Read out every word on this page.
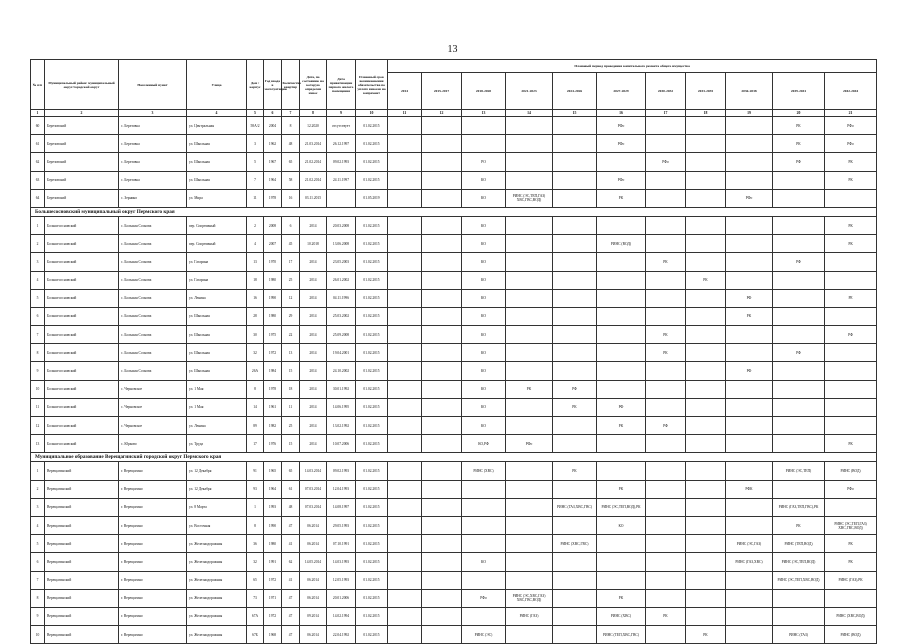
13
№ п/п	Муниципальный район/ муниципальный округ/городской округ	Населенный пункт	Улица	Дом / корпус	Год ввода в эксплуатацию	Количество квартир	Дата, по состоянию на которую определен износ	Дата приватизации первого жилого помещения	Плановый срок возникновения обязательства по уплате взносов на капремонт	Плановый период проведения капитального ремонта общего имущества										
										2014	2015-2017	2018-2020	2021-2023	2024-2026	2027-2029	2030-2032	2033-2035	2036-2038	2039-2041	2042-2044
1	2	3	4	5	6	7	8	9	10	11	12	13	14	15	16	17	18	19	20	21
60	Березовский	с. Березовка	ул. Центральная	58А/2	2004	8	12.2020	отсутствует	01.02.2015						РФо				РК	РФо
61	Березовский	с. Березовка	ул. Школьная	3	1962	48	21.03.2014	26.12.1997	01.02.2015						РФо				РК	РФо
62	Березовский	с. Березовка	ул. Школьная	5	1967	65	21.02.2014	09.02.1993	01.02.2015			РО				РФо			РФ	РК
63	Березовский	с. Березовка	ул. Школьная	7	1964	58	21.02.2014	24.11.1997	01.02.2015			КО			РФо					РК
64	Березовский	с. Зернино	ул. Мира	11	1978	16	03.11.2015		01.05.2019			КО	РИНС (ЭС,ТЕП,ГАЗ) ХВС,ГВС,ВОД)		РК			РФо		
Большесосновский муниципальный округ Пермского края																				
1	Большесосновский	с. Большая Соснова	пер. Спортивный	2	2008	6	2014	20.03.2008	01.02.2015			КО								РК
2	Большесосновский	с. Большая Соснова	пер. Спортивный	4	2007	45	10.2018	13.06.2008	01.02.2015			КО			РИНС (ВОД)					РК
3	Большесосновский	с. Большая Соснова	ул. Гагарина	13	1970	17	2014	23.05.2003	01.02.2015			КО				РК			РФ	
4	Большесосновский	с. Большая Соснова	ул. Гагарина	18	1980	25	2014	26.01.2002	01.02.2015			КО					РК			
5	Большесосновский	с. Большая Соснова	ул. Ленина	16	1990	12	2014	04.11.1996	01.02.2015			КО						РФ		РЕ
6	Большесосновский	с. Большая Соснова	ул. Школьная	28	1980	29	2014	25.03.2002	01.02.2015			КО						РК		
7	Большесосновский	с. Большая Соснова	ул. Школьная	30	1975	22	2014	25.09.2008	01.02.2015			КО				РК				РФ
8	Большесосновский	с. Большая Соснова	ул. Школьная	32	1972	13	2014	19.04.2001	01.02.2015			КО				РК			РФ	
9	Большесосновский	с. Большая Соснова	ул. Школьная	26А	1984	15	2014	24.10.2002	01.02.2015			КО						РФ		
10	Большесосновский	с. Черновское	ул. 1 Мая	8	1978	18	2014	30.01.1992	01.02.2015			КО	РК	РФ						
11	Большесосновский	с. Черновское	ул. 1 Мая	14	1961	11	2014	14.06.1995	01.02.2015			КО		РК	РФ					
12	Большесосновский	с. Черновское	ул. Ленина	89	1982	25	2014	13.02.1992	01.02.2015			КО			РК	РФ				
13	Большесосновский	с. Юрково	ул. Труда	17	1976	15	2014	10.07.2006	01.02.2015			КО,РФ	РФо							РК
Муниципальное образование Верещагинский городской округ Пермского края																				
1	Верещагинский	г. Верещагино	ул. 12 Декабря	91	1965	65	14.03.2014	09.02.1993	01.02.2015			РИНС (ХВС)		РК					РИНС (ЭС,ТЕП)	РИНС (ВОД)
2	Верещагинский	г. Верещагино	ул. 12 Декабря	93	1964	61	07.03.2014	12.04.1993	01.02.2015						РК			РФК		РФо
3	Верещагинский	г. Верещагино	ул. 8 Марта	1	1993	48	07.03.2014	14.08.1997	01.02.2015					РИНС (ГАЗ,ХВС,ГВС)	РИНС (ЭС,ТЕП,ВОД),РК				РИНС (ГАЗ,ТЕП,ГВС),РК	
4	Верещагинский	г. Верещагино	ул. Восточная	8	1990	47	06.2014	29.05.1993	01.02.2015						КО				РК	РИНС (ЭС,ТЕП,ГАЗ) ХВС,ГВС,ВОД)
5	Верещагинский	г. Верещагино	ул. Железнодорожная	36	1980	41	06.2014	07.10.1991	01.02.2015					РИНС (ХВС,ГВС)				РИНС (ЭС,ГАЗ)	РИНС (ТЕП,ВОД)	РК
6	Верещагинский	г. Верещагино	ул. Железнодорожная	32	1991	62	14.05.2014	14.03.1993	01.02.2015			КО						РИНС (ГАЗ,ХВС)	РИНС (ЭС,ТЕП,ВОД)	РК
7	Верещагинский	г. Верещагино	ул. Железнодорожная	65	1972	41	06.2014	12.05.1993	01.02.2015										РИНС (ЭС,ТЕП,ХВС,ВОД)	РИНС (ГАЗ),РК
8	Верещагинский	г. Верещагино	ул. Железнодорожная	73	1971	47	06.2014	20.01.2006	01.02.2015			РФо	РИНС (ЭС,ХВС,ГАЗ) ХВС,ГВС,ВОД)		РК					
9	Верещагинский	г. Верещагино	ул. Железнодорожная	67А	1972	47	09.2014	14.02.1994	01.02.2015				РИНС (ГАЗ)		РИНС (ХВС)	РК				РИНС (ХВС,ВОД)
10	Верещагинский	г. Верещагино	ул. Железнодорожная	67Б	1968	47	06.2014	22.04.1992	01.02.2015			РИНС (ЭС)			РИНС (ТЕП,ХВС,ГВС)		РК		РИНС (ГАЗ)	РИНС (ВОД)
